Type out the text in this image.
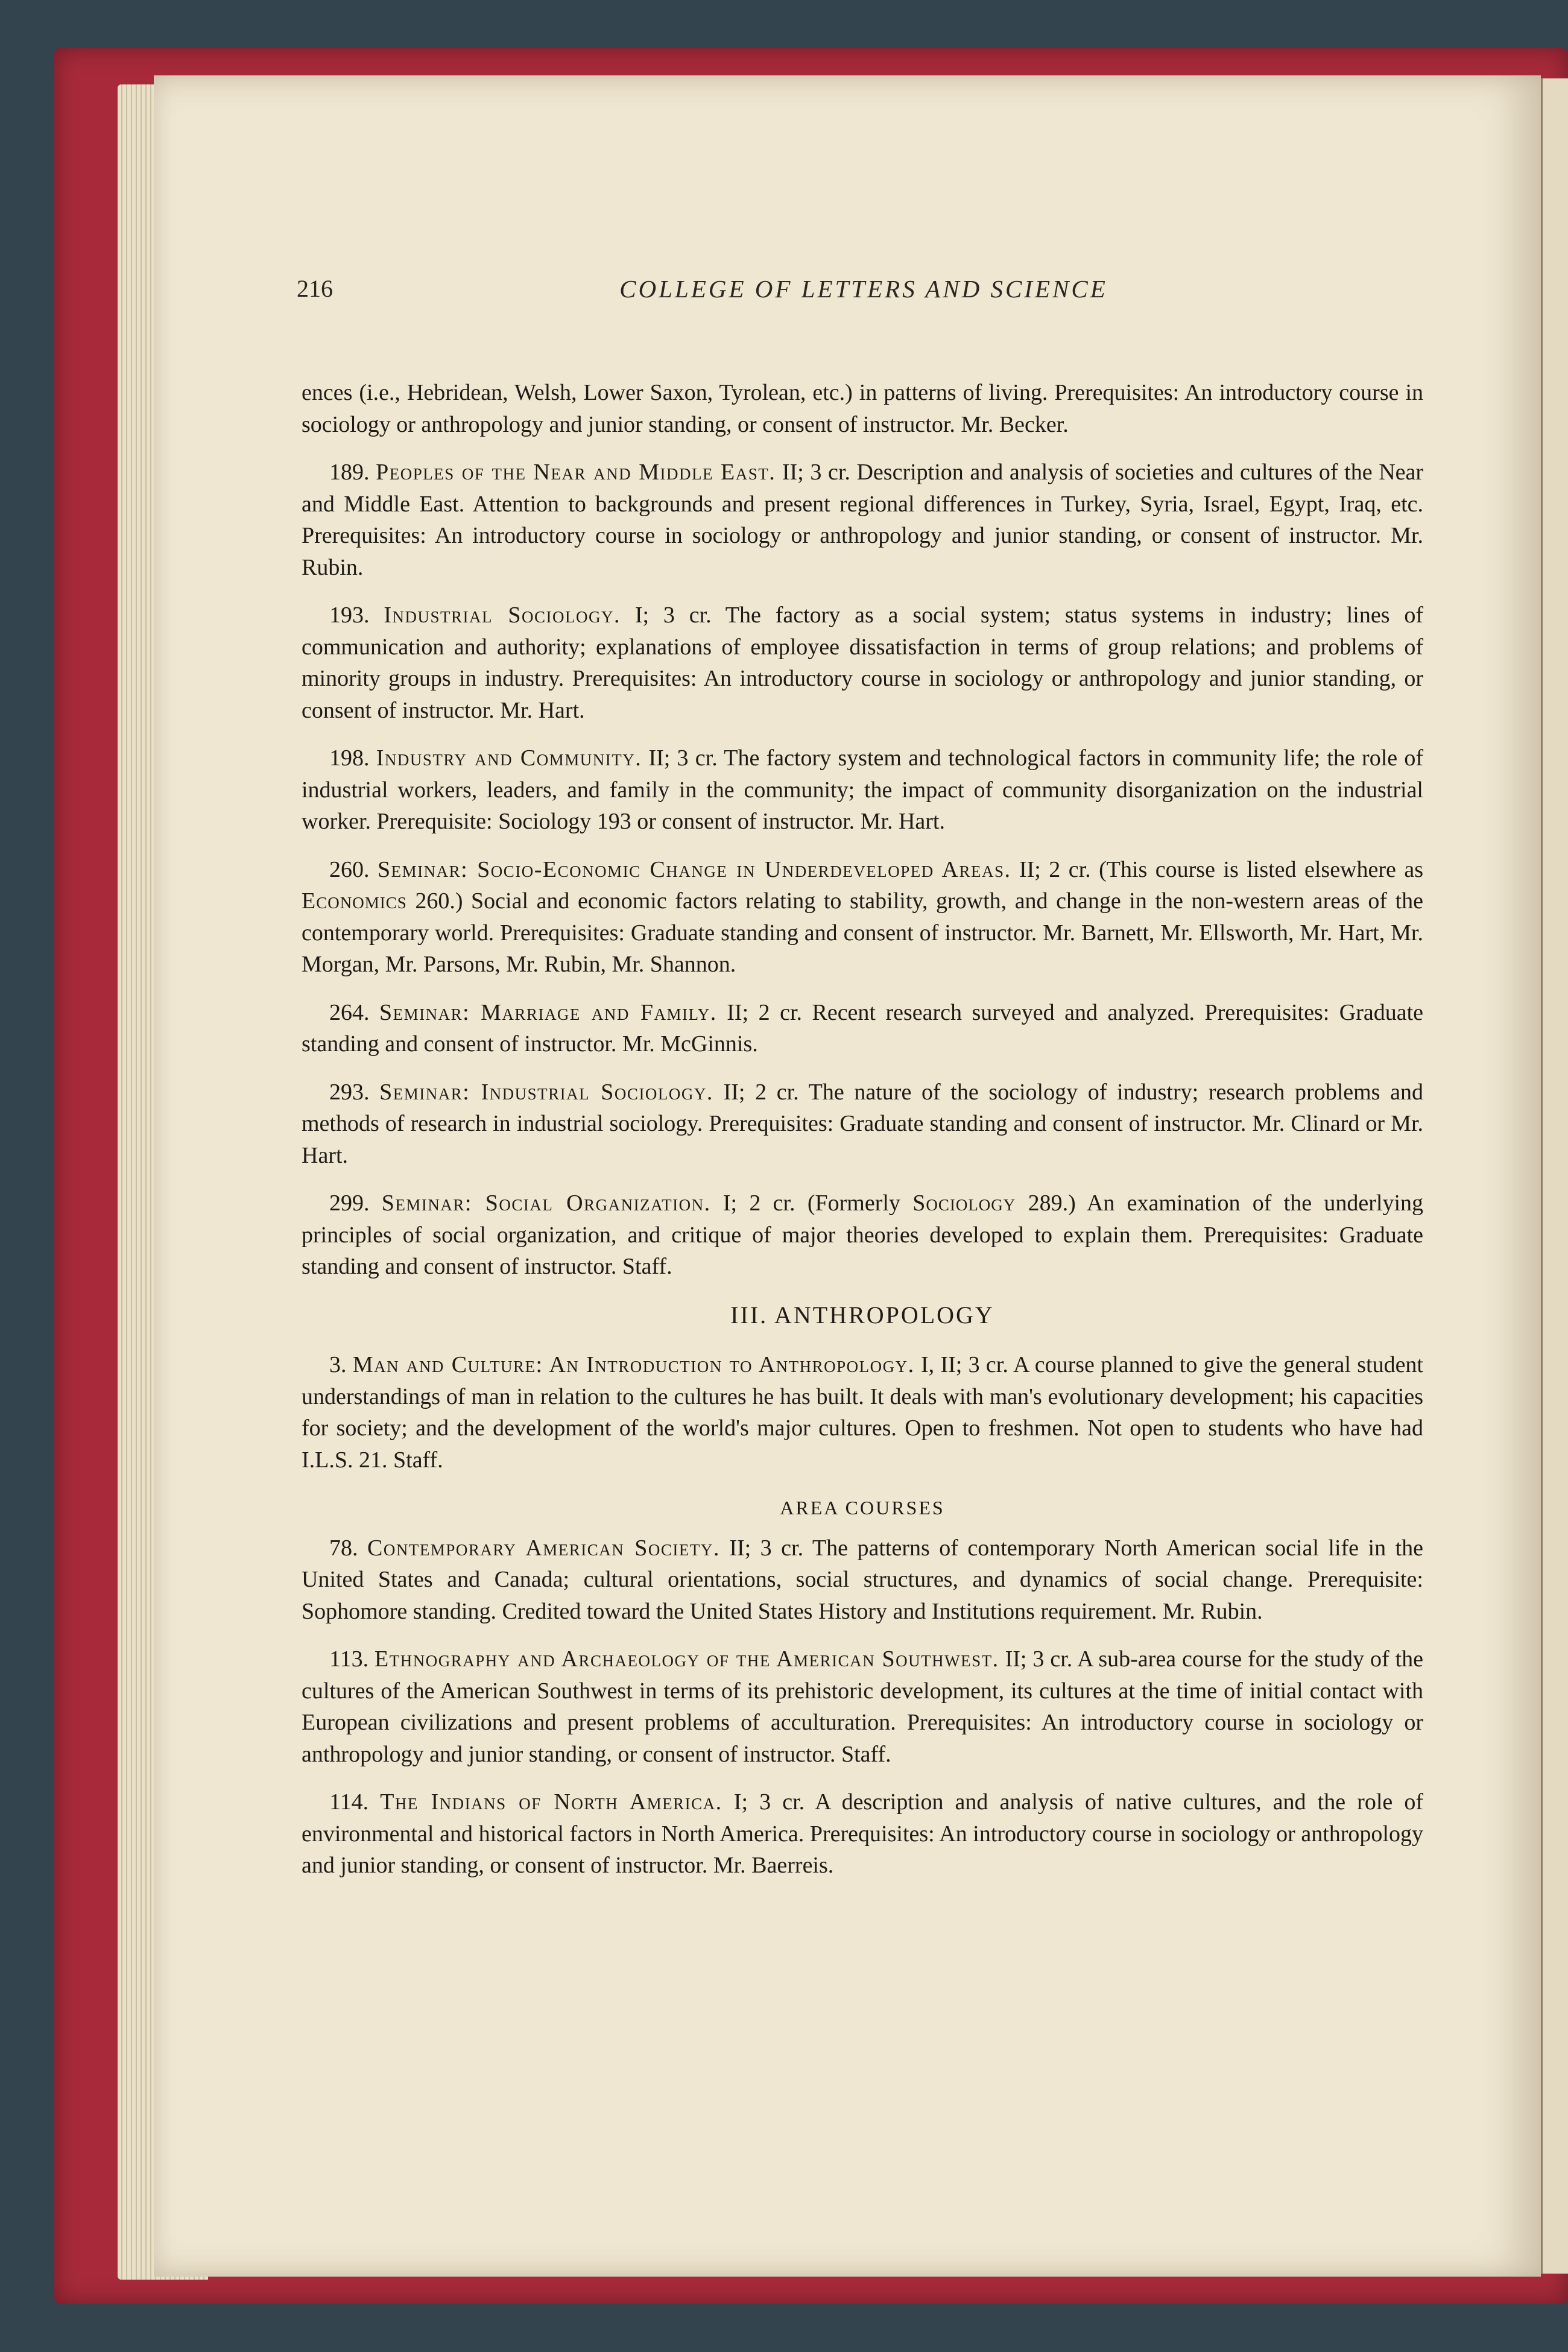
216	COLLEGE OF LETTERS AND SCIENCE

ences (i.e., Hebridean, Welsh, Lower Saxon, Tyrolean, etc.) in patterns of living. Prerequisites: An introductory course in sociology or anthropology and junior standing, or consent of instructor. Mr. Becker.

189. Peoples of the Near and Middle East. II; 3 cr. Description and analysis of societies and cultures of the Near and Middle East. Attention to backgrounds and present regional differences in Turkey, Syria, Israel, Egypt, Iraq, etc. Prerequisites: An introductory course in sociology or anthropology and junior standing, or consent of instructor. Mr. Rubin.

193. Industrial Sociology. I; 3 cr. The factory as a social system; status systems in industry; lines of communication and authority; explanations of employee dissatisfaction in terms of group relations; and problems of minority groups in industry. Prerequisites: An introductory course in sociology or anthropology and junior standing, or consent of instructor. Mr. Hart.

198. Industry and Community. II; 3 cr. The factory system and technological factors in community life; the role of industrial workers, leaders, and family in the community; the impact of community disorganization on the industrial worker. Prerequisite: Sociology 193 or consent of instructor. Mr. Hart.

260. Seminar: Socio-Economic Change in Underdeveloped Areas. II; 2 cr. (This course is listed elsewhere as Economics 260.) Social and economic factors relating to stability, growth, and change in the non-western areas of the contemporary world. Prerequisites: Graduate standing and consent of instructor. Mr. Barnett, Mr. Ellsworth, Mr. Hart, Mr. Morgan, Mr. Parsons, Mr. Rubin, Mr. Shannon.

264. Seminar: Marriage and Family. II; 2 cr. Recent research surveyed and analyzed. Prerequisites: Graduate standing and consent of instructor. Mr. McGinnis.

293. Seminar: Industrial Sociology. II; 2 cr. The nature of the sociology of industry; research problems and methods of research in industrial sociology. Prerequisites: Graduate standing and consent of instructor. Mr. Clinard or Mr. Hart.

299. Seminar: Social Organization. I; 2 cr. (Formerly Sociology 289.) An examination of the underlying principles of social organization, and critique of major theories developed to explain them. Prerequisites: Graduate standing and consent of instructor. Staff.

III. ANTHROPOLOGY

3. Man and Culture: An Introduction to Anthropology. I, II; 3 cr. A course planned to give the general student understandings of man in relation to the cultures he has built. It deals with man's evolutionary development; his capacities for society; and the development of the world's major cultures. Open to freshmen. Not open to students who have had I.L.S. 21. Staff.

AREA COURSES

78. Contemporary American Society. II; 3 cr. The patterns of contemporary North American social life in the United States and Canada; cultural orientations, social structures, and dynamics of social change. Prerequisite: Sophomore standing. Credited toward the United States History and Institutions requirement. Mr. Rubin.

113. Ethnography and Archaeology of the American Southwest. II; 3 cr. A sub-area course for the study of the cultures of the American Southwest in terms of its prehistoric development, its cultures at the time of initial contact with European civilizations and present problems of acculturation. Prerequisites: An introductory course in sociology or anthropology and junior standing, or consent of instructor. Staff.

114. The Indians of North America. I; 3 cr. A description and analysis of native cultures, and the role of environmental and historical factors in North America. Prerequisites: An introductory course in sociology or anthropology and junior standing, or consent of instructor. Mr. Baerreis.
